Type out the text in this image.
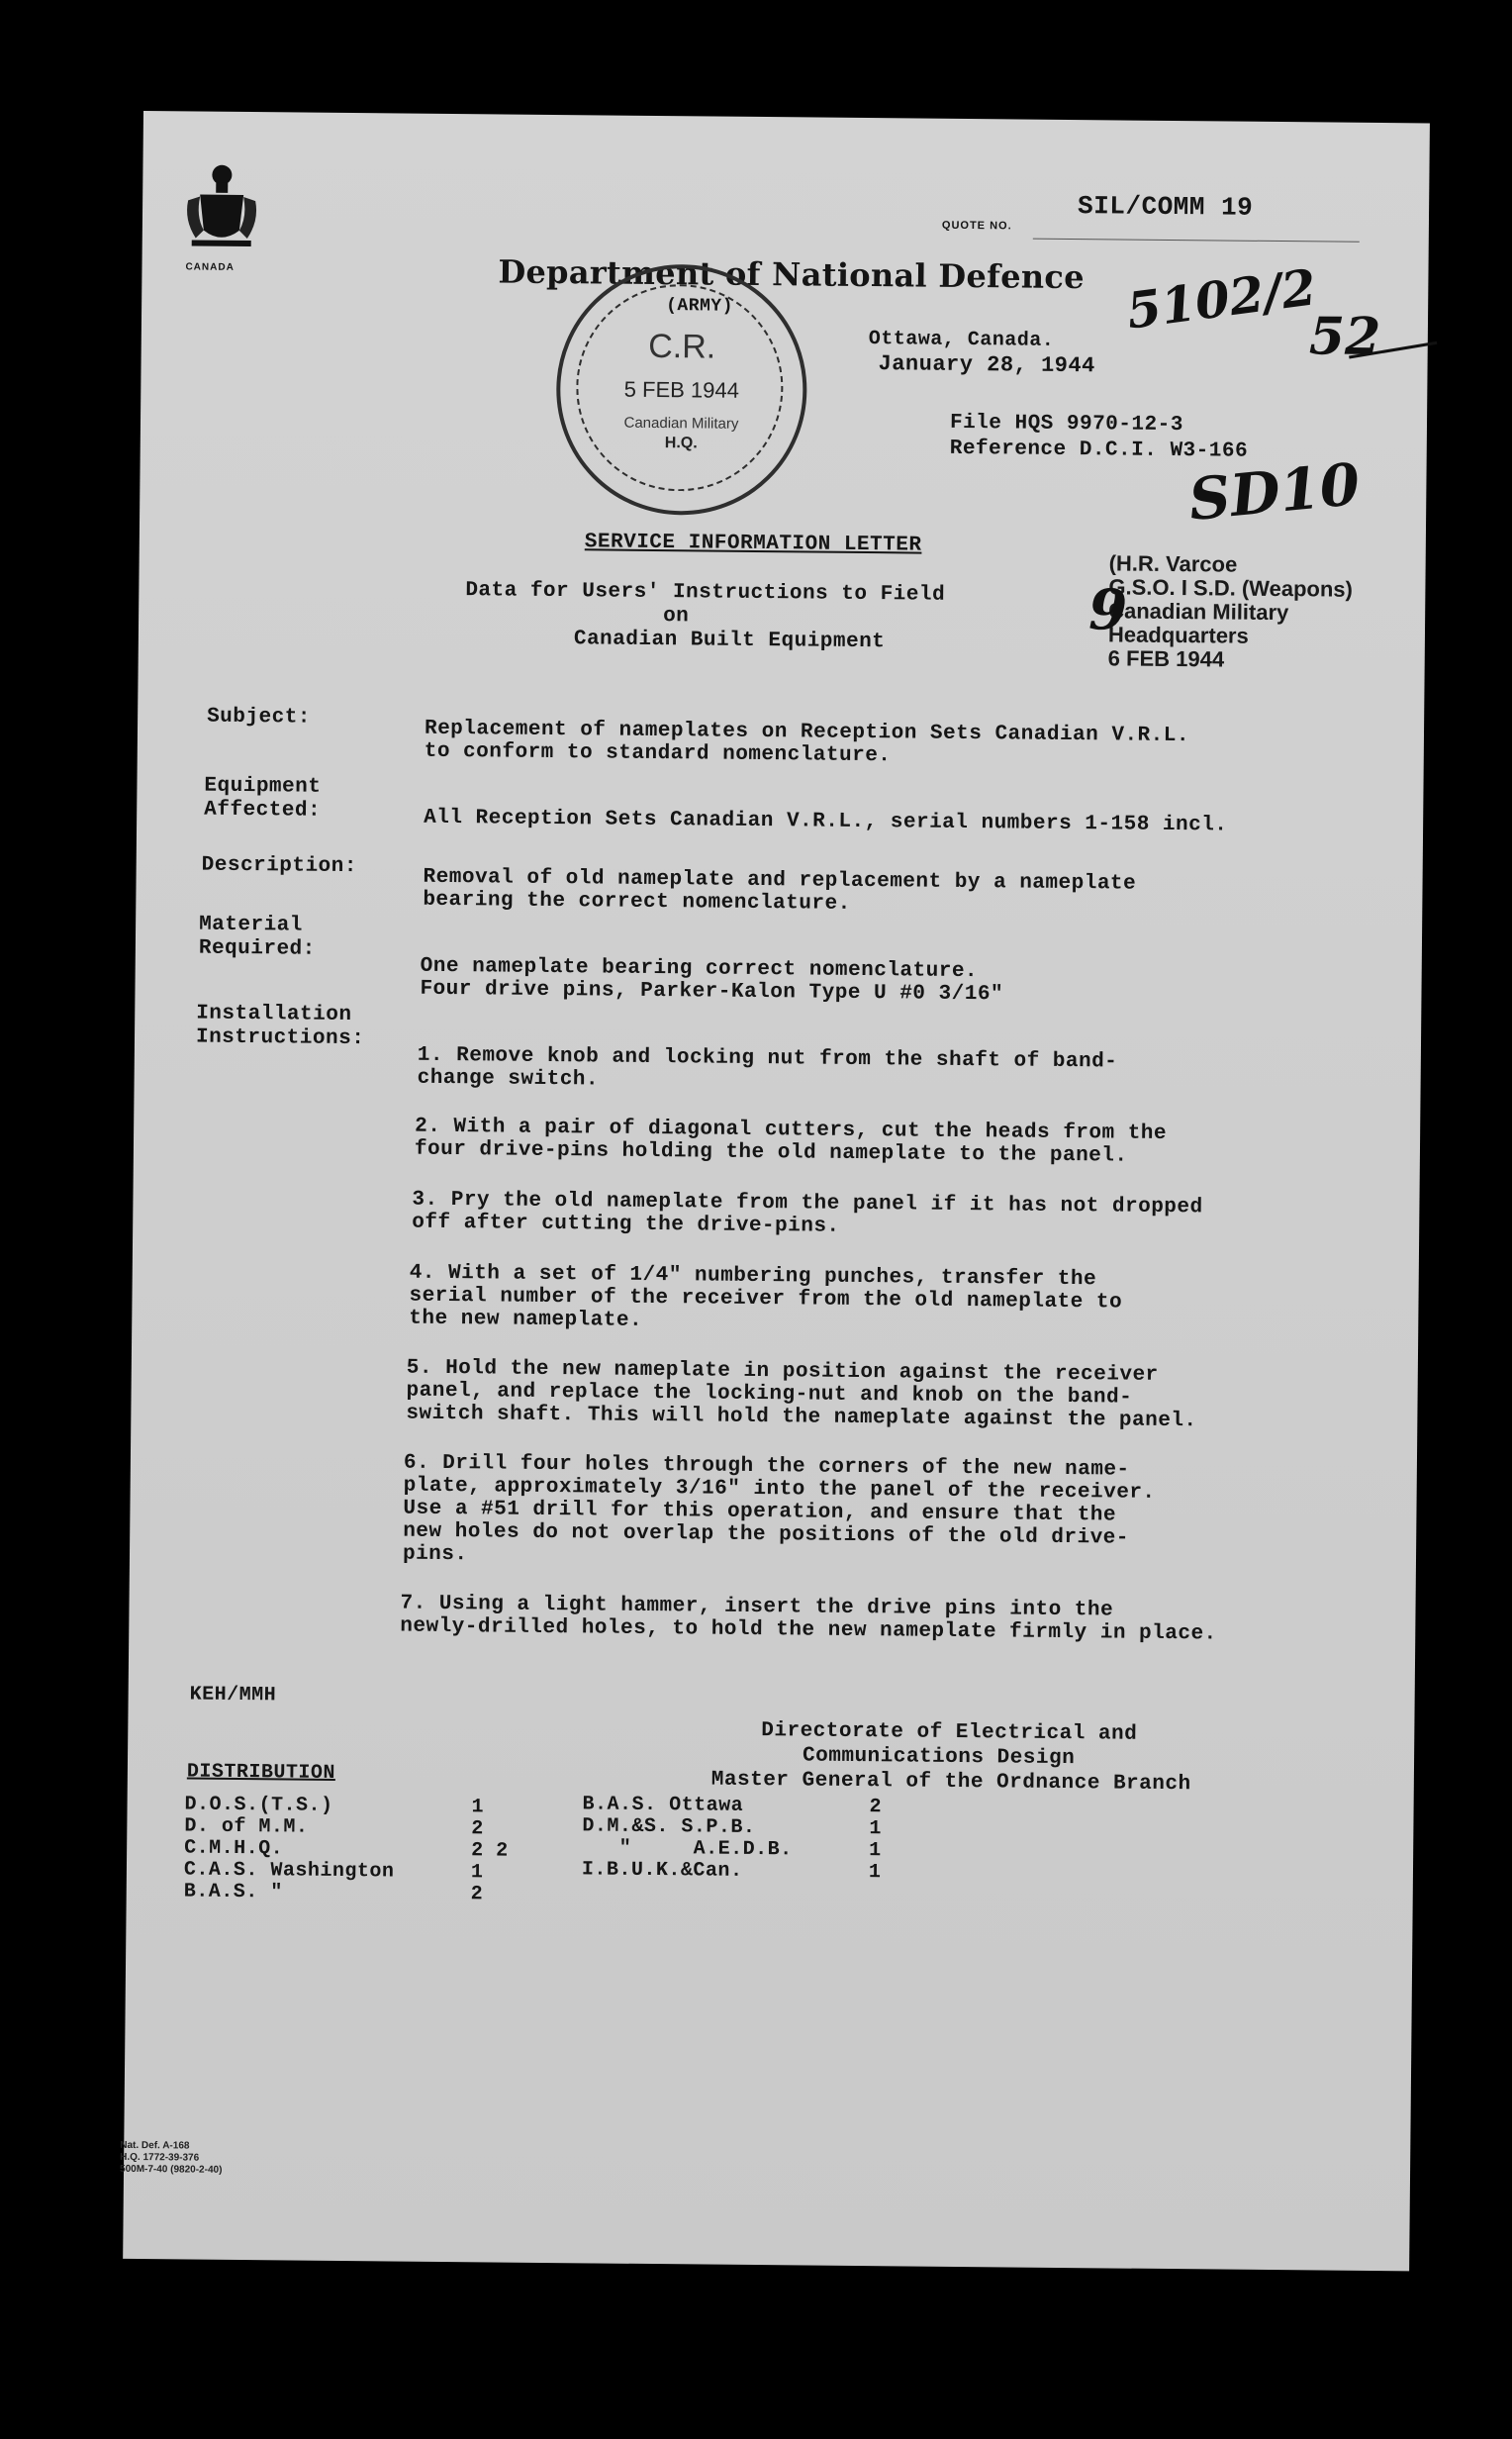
CANADA
QUOTE NO.
SIL/COMM 19
Department of National Defence
(ARMY)
C.R.
5 FEB 1944
Canadian Military
H.Q.
Ottawa, Canada.
January 28, 1944
5102/2
52
File HQS 9970-12-3
Reference D.C.I. W3-166
SD10
SERVICE INFORMATION LETTER
Data for Users' Instructions to Field
on
Canadian Built Equipment
(H.R. Varcoe
G.S.O. I S.D. (Weapons)
Canadian Military
Headquarters
6 FEB 1944
9
Subject:
Replacement of nameplates on Reception Sets Canadian V.R.L.
to conform to standard nomenclature.
Equipment
Affected:	All Reception Sets Canadian V.R.L., serial numbers 1-158 incl.
Description:	Removal of old nameplate and replacement by a nameplate
bearing the correct nomenclature.
Material
Required:
One nameplate bearing correct nomenclature.
Four drive pins, Parker-Kalon Type U #0 3/16"
Installation
Instructions:
1. Remove knob and locking nut from the shaft of band-
change switch.
2. With a pair of diagonal cutters, cut the heads from the
four drive-pins holding the old nameplate to the panel.
3. Pry the old nameplate from the panel if it has not dropped
off after cutting the drive-pins.
4. With a set of 1/4" numbering punches, transfer the
serial number of the receiver from the old nameplate to
the new nameplate.
5. Hold the new nameplate in position against the receiver
panel, and replace the locking-nut and knob on the band-
switch shaft. This will hold the nameplate against the panel.
6. Drill four holes through the corners of the new name-
plate, approximately 3/16" into the panel of the receiver.
Use a #51 drill for this operation, and ensure that the
new holes do not overlap the positions of the old drive-
pins.
7. Using a light hammer, insert the drive pins into the
newly-drilled holes, to hold the new nameplate firmly in place.
KEH/MMH
Directorate of Electrical and
Communications Design
Master General of the Ordnance Branch
DISTRIBUTION
D.O.S.(T.S.)	1
D. of M.M.	2
C.M.H.Q.	2 2
C.A.S. Washington	1
B.A.S. "	2
B.A.S. Ottawa	2
D.M.&S. S.P.B.	1
"     A.E.D.B.	1
I.B.U.K.&Can.	1
Nat. Def. A-168
H.Q. 1772-39-376
500M-7-40 (9820-2-40)
